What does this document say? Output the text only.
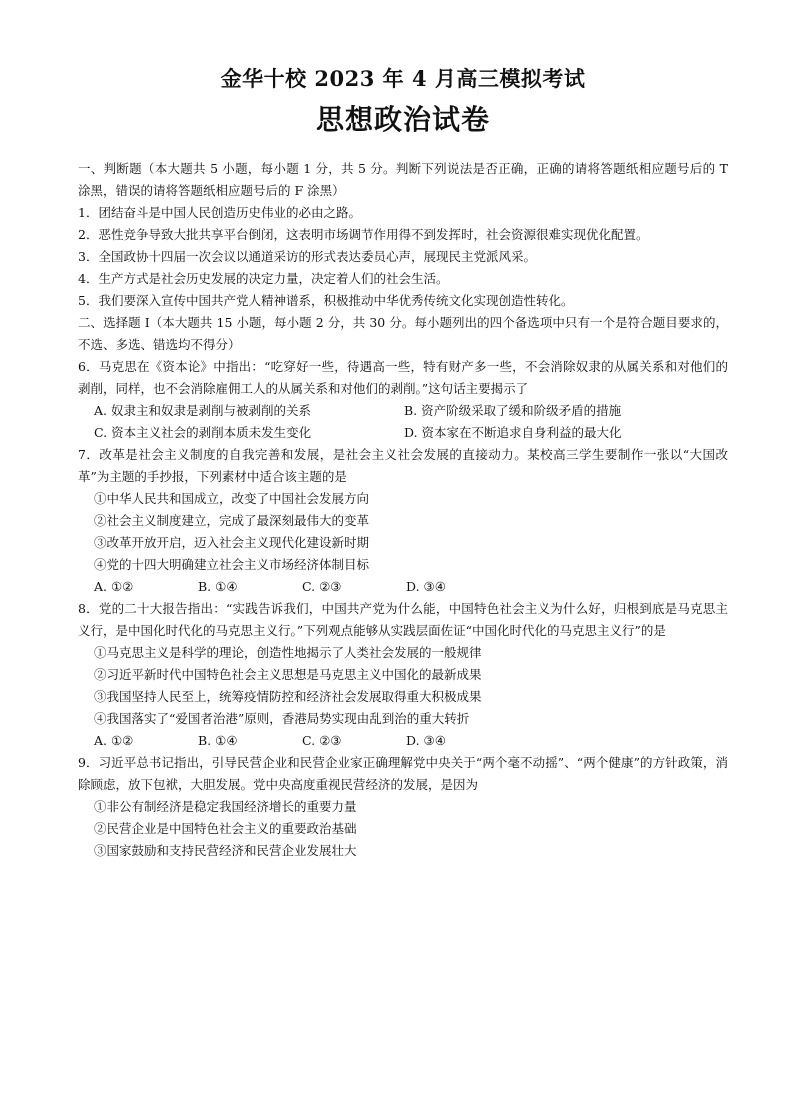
金华十校 2023 年 4 月高三模拟考试
思想政治试卷
一、判断题（本大题共 5 小题，每小题 1 分，共 5 分。判断下列说法是否正确，正确的请将答题纸相应题号后的 T 涂黑，错误的请将答题纸相应题号后的 F 涂黑）
1．团结奋斗是中国人民创造历史伟业的必由之路。
2．恶性竞争导致大批共享平台倒闭，这表明市场调节作用得不到发挥时，社会资源很难实现优化配置。
3．全国政协十四届一次会议以通道采访的形式表达委员心声，展现民主党派风采。
4．生产方式是社会历史发展的决定力量，决定着人们的社会生活。
5．我们要深入宣传中国共产党人精神谱系，积极推动中华优秀传统文化实现创造性转化。
二、选择题 I（本大题共 15 小题，每小题 2 分，共 30 分。每小题列出的四个备选项中只有一个是符合题目要求的，不选、多选、错选均不得分）
6．马克思在《资本论》中指出：“吃穿好一些，待遇高一些，特有财产多一些，不会消除奴隶的从属关系和对他们的剥削，同样，也不会消除雇佣工人的从属关系和对他们的剥削。”这句话主要揭示了
A. 奴隶主和奴隶是剥削与被剥削的关系	B. 资产阶级采取了缓和阶级矛盾的措施
C. 资本主义社会的剥削本质未发生变化	D. 资本家在不断追求自身利益的最大化
7．改革是社会主义制度的自我完善和发展，是社会主义社会发展的直接动力。某校高三学生要制作一张以“大国改革”为主题的手抄报，下列素材中适合该主题的是
①中华人民共和国成立，改变了中国社会发展方向
②社会主义制度建立，完成了最深刻最伟大的变革
③改革开放开启，迈入社会主义现代化建设新时期
④党的十四大明确建立社会主义市场经济体制目标
A. ①②	B. ①④	C. ②③	D. ③④
8．党的二十大报告指出：“实践告诉我们，中国共产党为什么能，中国特色社会主义为什么好，归根到底是马克思主义行，是中国化时代化的马克思主义行。”下列观点能够从实践层面佐证“中国化时代化的马克思主义行”的是
①马克思主义是科学的理论，创造性地揭示了人类社会发展的一般规律
②习近平新时代中国特色社会主义思想是马克思主义中国化的最新成果
③我国坚持人民至上，统筹疫情防控和经济社会发展取得重大积极成果
④我国落实了“爱国者治港”原则，香港局势实现由乱到治的重大转折
A. ①②	B. ①④	C. ②③	D. ③④
9．习近平总书记指出，引导民营企业和民营企业家正确理解党中央关于“两个毫不动摇”、“两个健康”的方针政策，消除顾虑，放下包袱，大胆发展。党中央高度重视民营经济的发展，是因为
①非公有制经济是稳定我国经济增长的重要力量
②民营企业是中国特色社会主义的重要政治基础
③国家鼓励和支持民营经济和民营企业发展壮大
